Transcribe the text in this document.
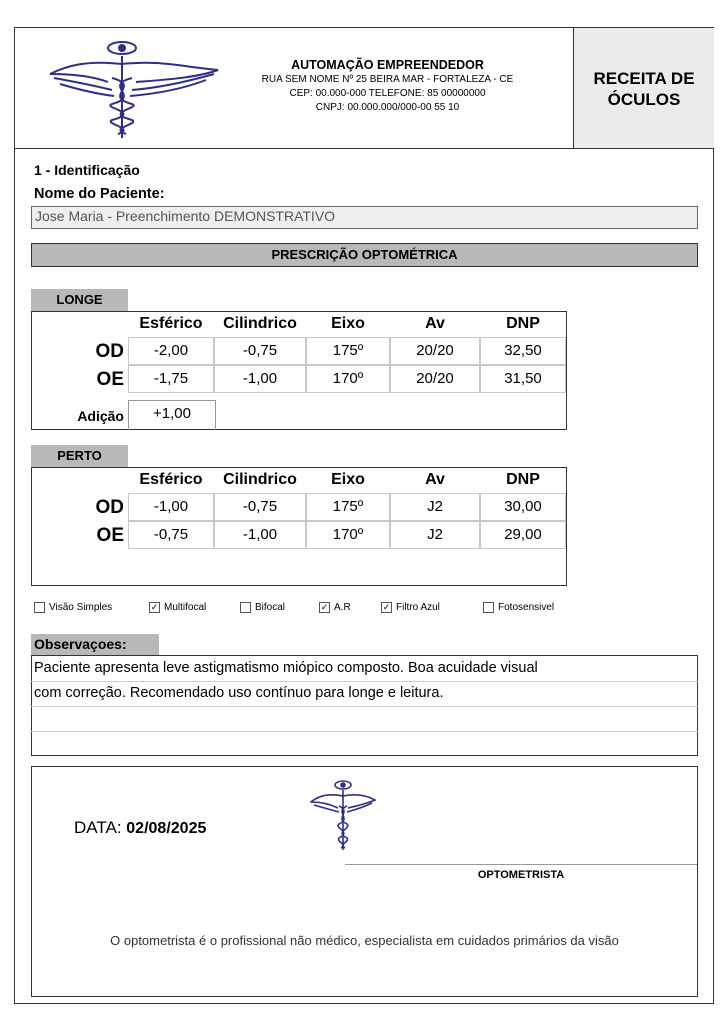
AUTOMAÇÃO EMPREENDEDOR
RUA SEM NOME Nº 25 BEIRA MAR - FORTALEZA - CE
CEP: 00.000-000 TELEFONE: 85 00000000
CNPJ: 00.000.000/000-00 55 10
RECEITA DE
ÓCULOS
1 - Identificação
Nome do Paciente:
Jose Maria - Preenchimento DEMONSTRATIVO
PRESCRIÇÃO OPTOMÉTRICA
LONGE
Esférico	Cilindrico	Eixo	Av	DNP
OD	-2,00	-0,75	175º	20/20	32,50
OE	-1,75	-1,00	170º	20/20	31,50
Adição	+1,00
PERTO
Esférico	Cilindrico	Eixo	Av	DNP
OD	-1,00	-0,75	175º	J2	30,00
OE	-0,75	-1,00	170º	J2	29,00
Visão Simples	✓ Multifocal	Bifocal	✓ A.R	✓ Filtro Azul	Fotosensivel
Observaçoes:
Paciente apresenta leve astigmatismo miópico composto. Boa acuidade visual
com correção. Recomendado uso contínuo para longe e leitura.
DATA: 02/08/2025
OPTOMETRISTA
O optometrista é o profissional não médico, especialista em cuidados primários da visão
